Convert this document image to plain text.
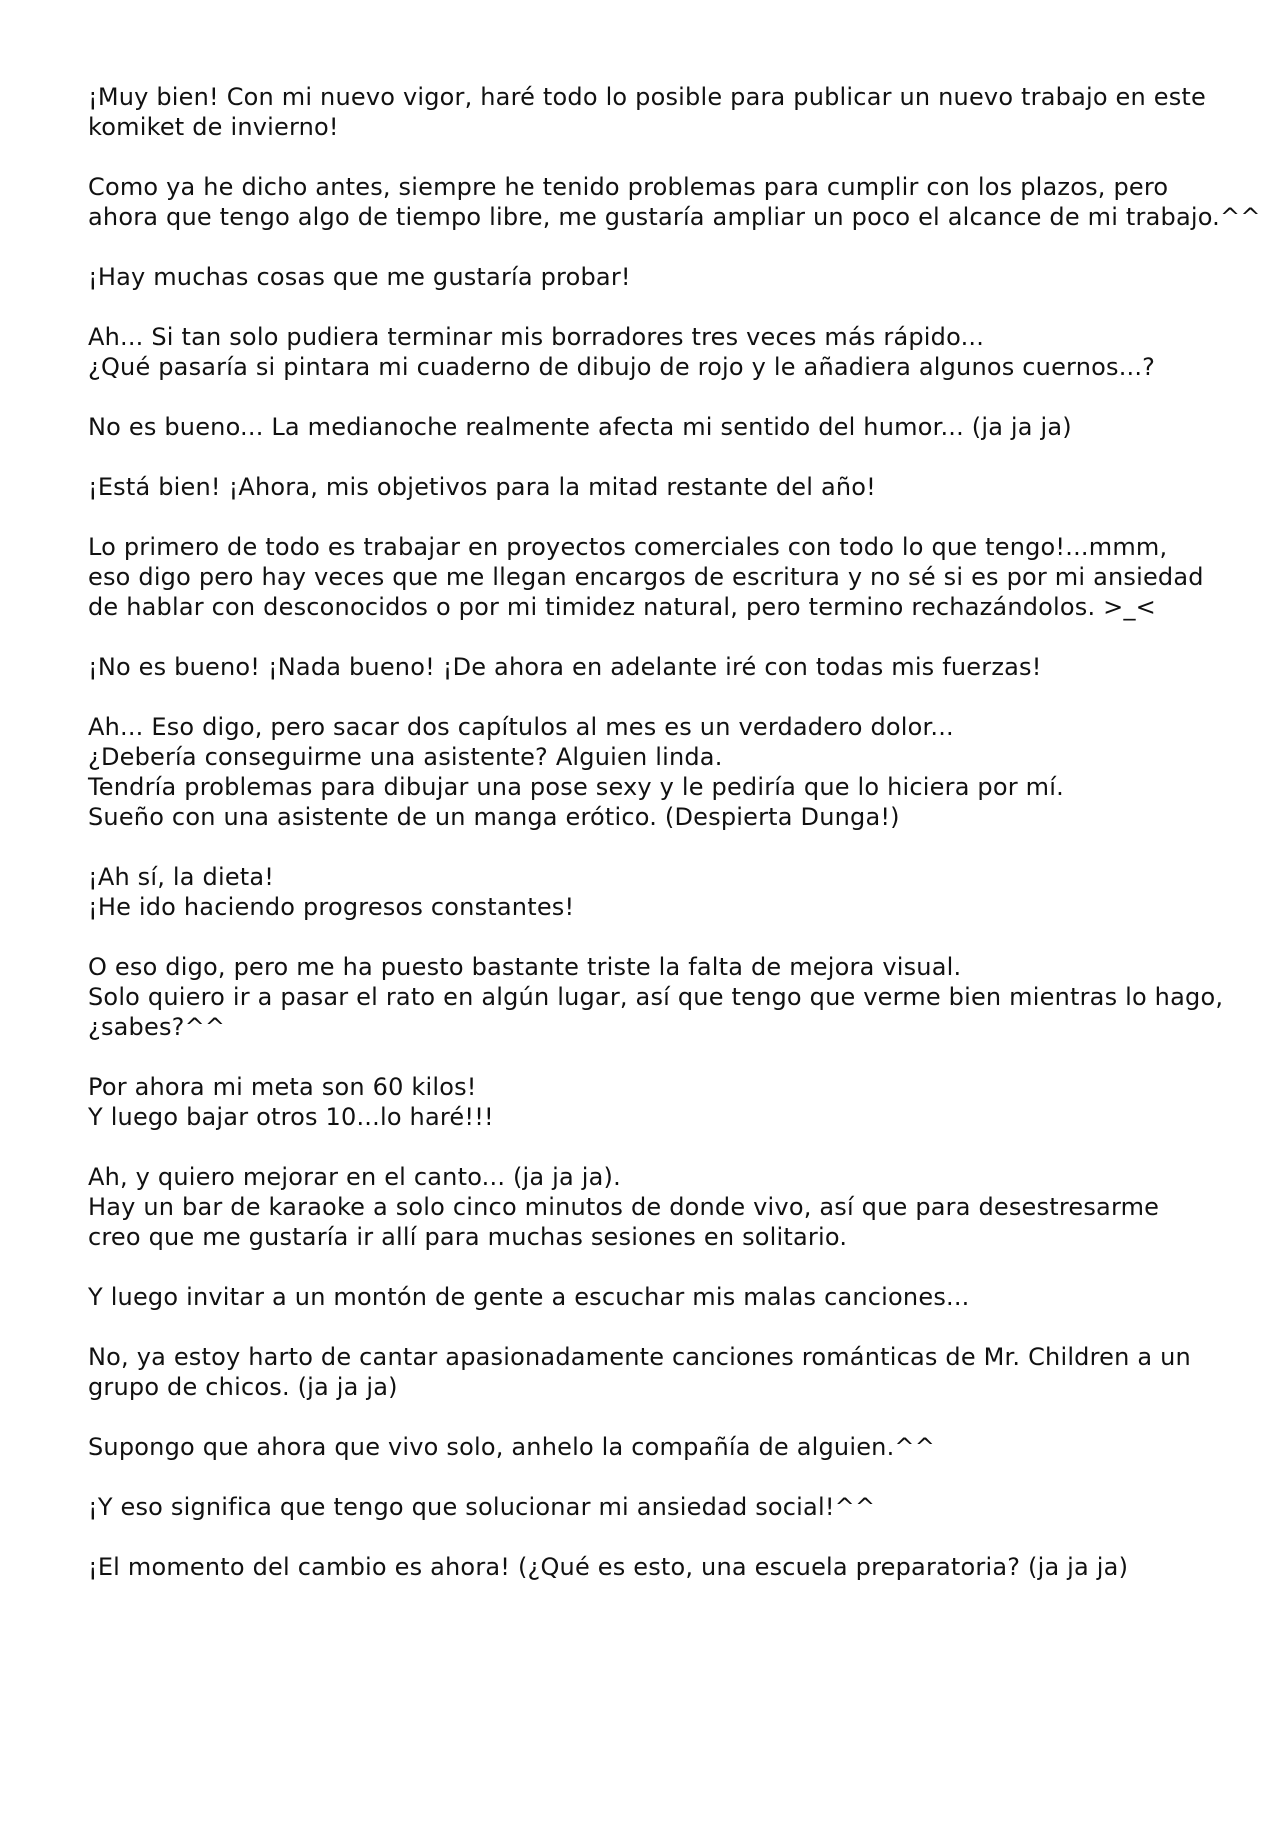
¡Muy bien! Con mi nuevo vigor, haré todo lo posible para publicar un nuevo trabajo en este
komiket de invierno!

Como ya he dicho antes, siempre he tenido problemas para cumplir con los plazos, pero
ahora que tengo algo de tiempo libre, me gustaría ampliar un poco el alcance de mi trabajo.^^

¡Hay muchas cosas que me gustaría probar!

Ah... Si tan solo pudiera terminar mis borradores tres veces más rápido...
¿Qué pasaría si pintara mi cuaderno de dibujo de rojo y le añadiera algunos cuernos...?

No es bueno... La medianoche realmente afecta mi sentido del humor... (ja ja ja)

¡Está bien! ¡Ahora, mis objetivos para la mitad restante del año!

Lo primero de todo es trabajar en proyectos comerciales con todo lo que tengo!...mmm,
eso digo pero hay veces que me llegan encargos de escritura y no sé si es por mi ansiedad
de hablar con desconocidos o por mi timidez natural, pero termino rechazándolos. >_<

¡No es bueno! ¡Nada bueno! ¡De ahora en adelante iré con todas mis fuerzas!

Ah... Eso digo, pero sacar dos capítulos al mes es un verdadero dolor...
¿Debería conseguirme una asistente? Alguien linda.
Tendría problemas para dibujar una pose sexy y le pediría que lo hiciera por mí.
Sueño con una asistente de un manga erótico. (Despierta Dunga!)

¡Ah sí, la dieta!
¡He ido haciendo progresos constantes!

O eso digo, pero me ha puesto bastante triste la falta de mejora visual.
Solo quiero ir a pasar el rato en algún lugar, así que tengo que verme bien mientras lo hago,
¿sabes?^^

Por ahora mi meta son 60 kilos!
Y luego bajar otros 10...lo haré!!!

Ah, y quiero mejorar en el canto... (ja ja ja).
Hay un bar de karaoke a solo cinco minutos de donde vivo, así que para desestresarme
creo que me gustaría ir allí para muchas sesiones en solitario.

Y luego invitar a un montón de gente a escuchar mis malas canciones...

No, ya estoy harto de cantar apasionadamente canciones románticas de Mr. Children a un
grupo de chicos. (ja ja ja)

Supongo que ahora que vivo solo, anhelo la compañía de alguien.^^

¡Y eso significa que tengo que solucionar mi ansiedad social!^^

¡El momento del cambio es ahora! (¿Qué es esto, una escuela preparatoria? (ja ja ja)
